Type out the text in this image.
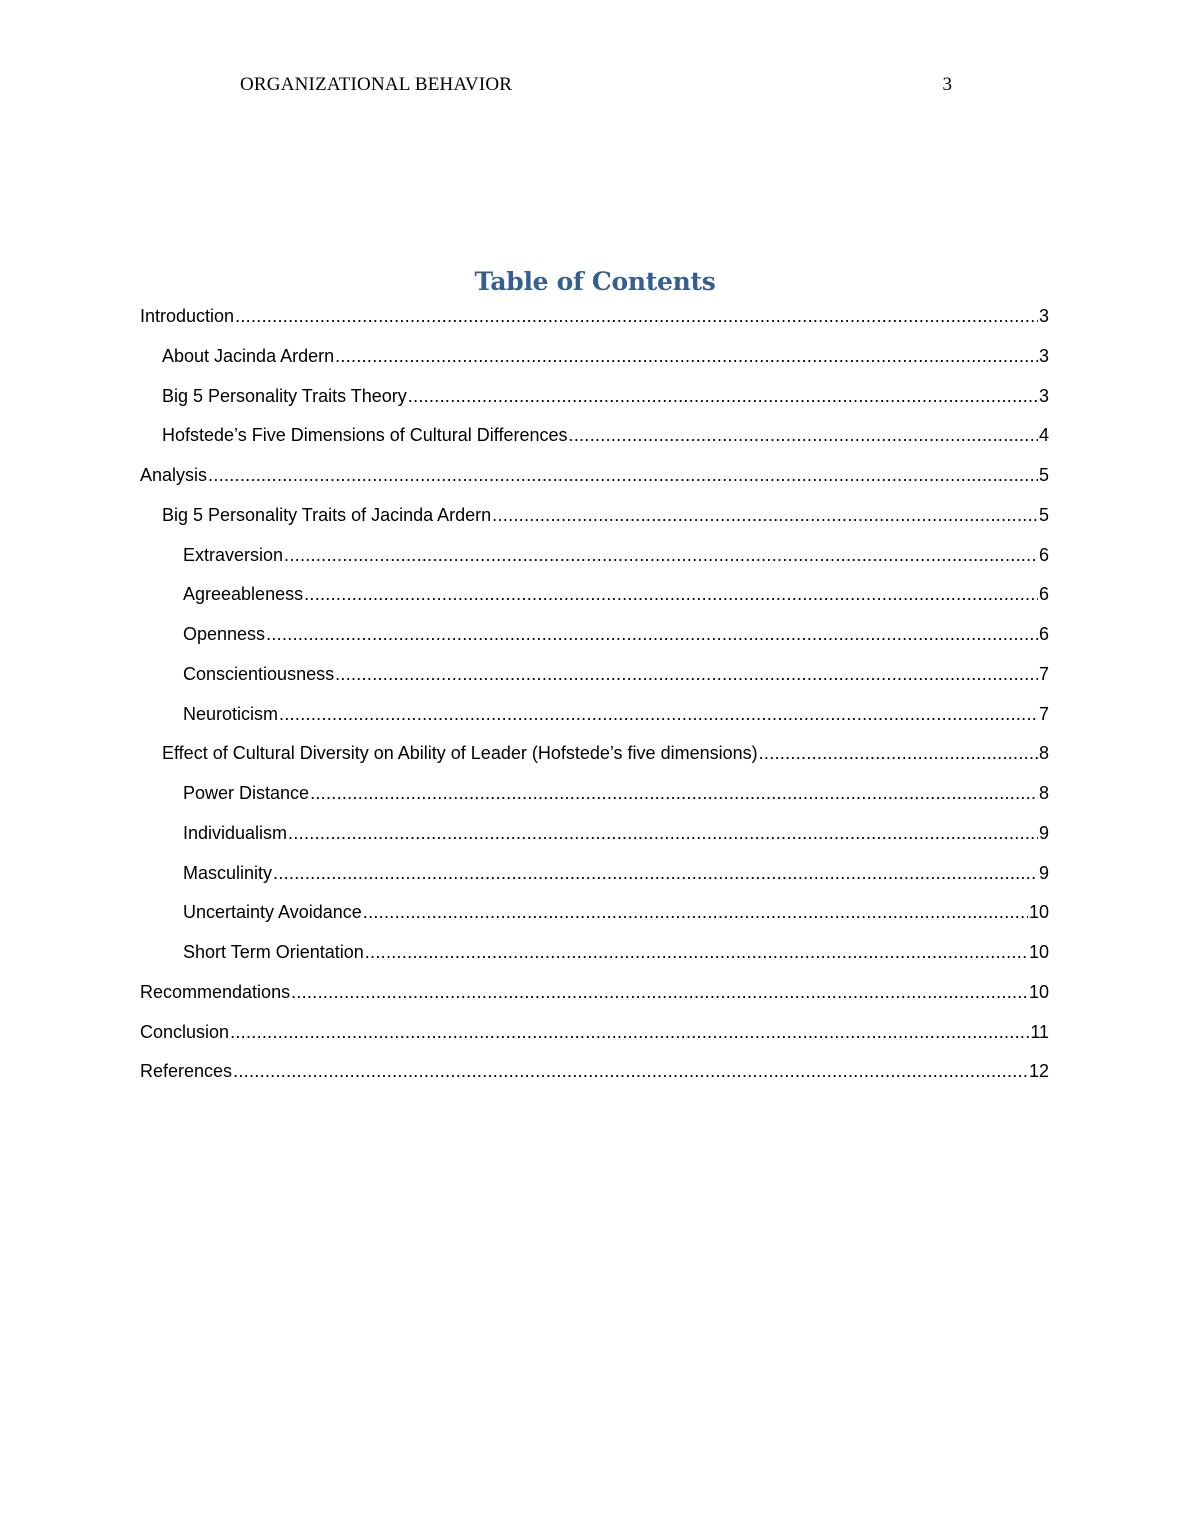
ORGANIZATIONAL BEHAVIOR	3
Table of Contents
Introduction .....	3
About Jacinda Ardern .....	3
Big 5 Personality Traits Theory .....	3
Hofstede’s Five Dimensions of Cultural Differences .....	4
Analysis .....	5
Big 5 Personality Traits of Jacinda Ardern .....	5
Extraversion .....	6
Agreeableness .....	6
Openness .....	6
Conscientiousness .....	7
Neuroticism .....	7
Effect of Cultural Diversity on Ability of Leader (Hofstede’s five dimensions) .....	8
Power Distance .....	8
Individualism .....	9
Masculinity .....	9
Uncertainty Avoidance .....	10
Short Term Orientation .....	10
Recommendations .....	10
Conclusion .....	11
References .....	12
